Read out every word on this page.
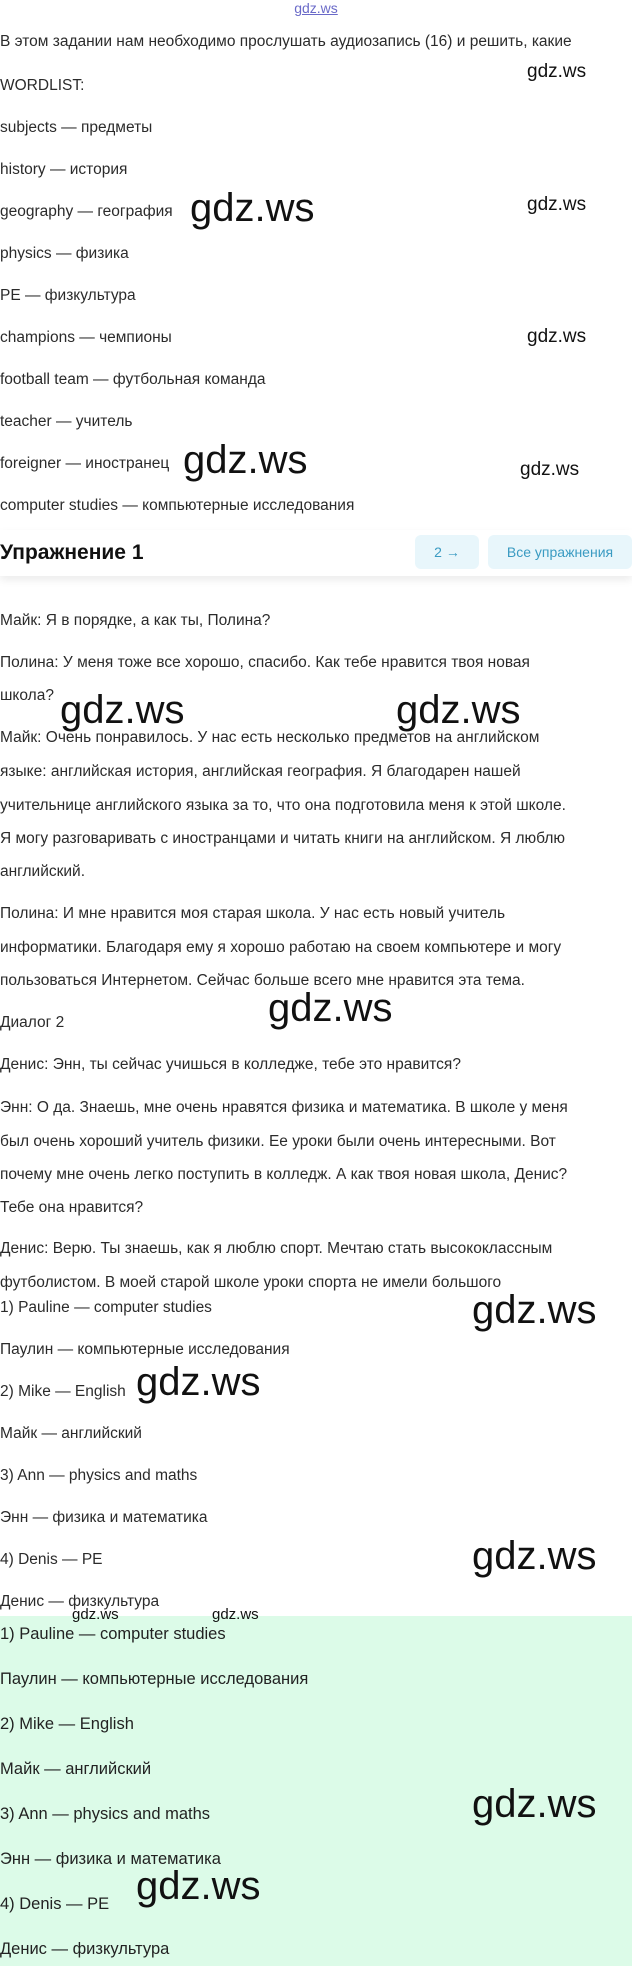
gdz.ws
В этом задании нам необходимо прослушать аудиозапись (16) и решить, какие
WORDLIST:
subjects — предметы
history — история
geography — география
physics — физика
PE — физкультура
champions — чемпионы
football team — футбольная команда
teacher — учитель
foreigner — иностранец
computer studies — компьютерные исследования
Упражнение 1	2 →	Все упражнения
Майк: Я в порядке, а как ты, Полина?
Полина: У меня тоже все хорошо, спасибо. Как тебе нравится твоя новая
школа?
Майк: Очень понравилось. У нас есть несколько предметов на английском
языке: английская история, английская география. Я благодарен нашей
учительнице английского языка за то, что она подготовила меня к этой школе.
Я могу разговаривать с иностранцами и читать книги на английском. Я люблю
английский.
Полина: И мне нравится моя старая школа. У нас есть новый учитель
информатики. Благодаря ему я хорошо работаю на своем компьютере и могу
пользоваться Интернетом. Сейчас больше всего мне нравится эта тема.
Диалог 2
Денис: Энн, ты сейчас учишься в колледже, тебе это нравится?
Энн: О да. Знаешь, мне очень нравятся физика и математика. В школе у меня
был очень хороший учитель физики. Ее уроки были очень интересными. Вот
почему мне очень легко поступить в колледж. А как твоя новая школа, Денис?
Тебе она нравится?
Денис: Верю. Ты знаешь, как я люблю спорт. Мечтаю стать высококлассным
футболистом. В моей старой школе уроки спорта не имели большого
1) Pauline — computer studies
Паулин — компьютерные исследования
2) Mike — English
Майк — английский
3) Ann — physics and maths
Энн — физика и математика
4) Denis — PE
Денис — физкультура
1) Pauline — computer studies
Паулин — компьютерные исследования
2) Mike — English
Майк — английский
3) Ann — physics and maths
Энн — физика и математика
4) Denis — PE
Денис — физкультура
gdz.ws
gdz.ws	gdz.ws
gdz.ws
gdz.ws	gdz.ws
gdz.ws	gdz.ws
gdz.ws
gdz.ws
gdz.ws
gdz.ws
gdz.ws	gdz.ws
gdz.ws
gdz.ws
